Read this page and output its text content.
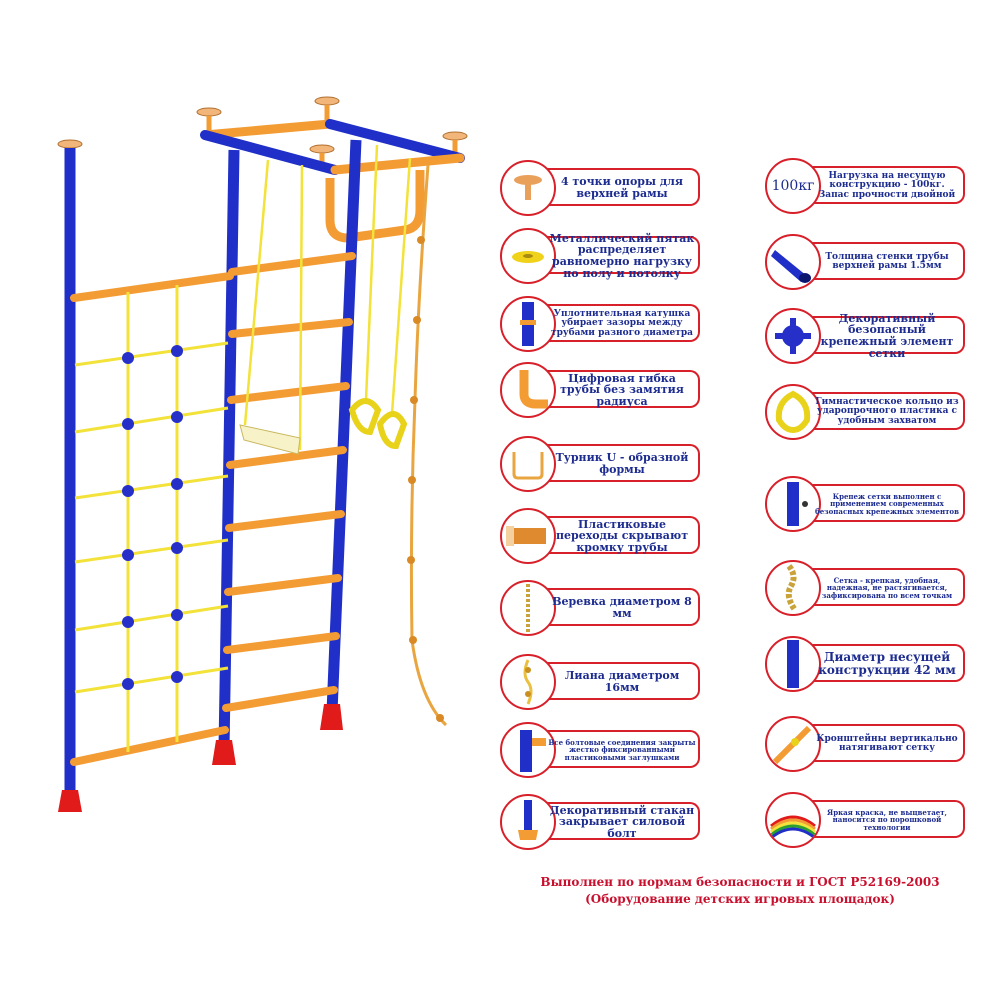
4 точки опоры для верхней рамы
Металлический пятак распределяет равномерно нагрузку по полу и потолку
Уплотнительная катушка убирает зазоры между трубами разного диаметра
Цифровая гибка трубы без замятия радиуса
Турник U - образной формы
Пластиковые переходы скрывают кромку трубы
Веревка диаметром 8 мм
Лиана диаметром 16мм
Все болтовые соединения закрыты жестко фиксированными пластиковыми заглушками
Декоративный стакан закрывает силовой болт
100кг
Нагрузка на несущую конструкцию - 100кг. Запас прочности двойной
Толщина стенки трубы верхней рамы 1.5мм
Декоративный безопасный крепежный элемент сетки
Гимнастическое кольцо из ударопрочного пластика с удобным захватом
Крепеж сетки выполнен с применением современных безопасных крепежных элементов
Сетка - крепкая, удобная, надежная, не растягивается, зафиксирована по всем точкам
Диаметр несущей конструкции 42 мм
Кронштейны вертикально натягивают сетку
Яркая краска, не выцветает, наносится по порошковой технологии
Выполнен по нормам безопасности и ГОСТ Р52169-2003
(Оборудование детских игровых площадок)
